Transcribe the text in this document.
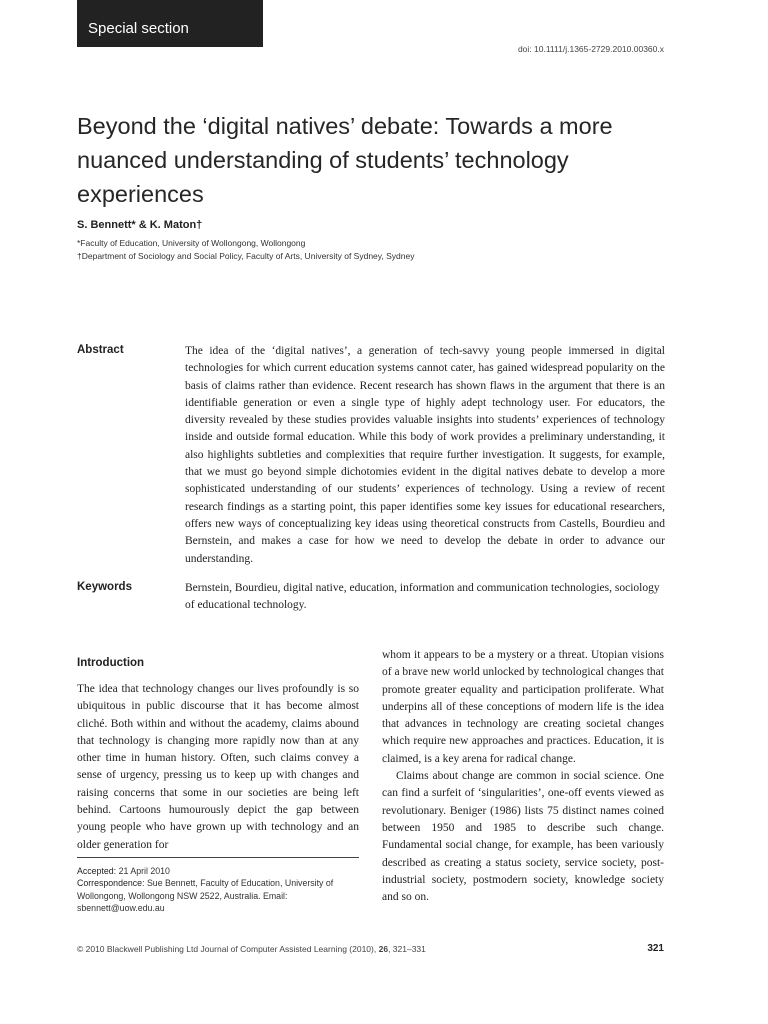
Special section
doi: 10.1111/j.1365-2729.2010.00360.x
Beyond the ‘digital natives’ debate: Towards a more nuanced understanding of students’ technology experiences
S. Bennett* & K. Maton†
*Faculty of Education, University of Wollongong, Wollongong
†Department of Sociology and Social Policy, Faculty of Arts, University of Sydney, Sydney
Abstract	The idea of the ‘digital natives’, a generation of tech-savvy young people immersed in digital technologies for which current education systems cannot cater, has gained widespread popularity on the basis of claims rather than evidence. Recent research has shown flaws in the argument that there is an identifiable generation or even a single type of highly adept technology user. For educators, the diversity revealed by these studies provides valuable insights into students’ experiences of technology inside and outside formal education. While this body of work provides a preliminary understanding, it also highlights subtleties and complexities that require further investigation. It suggests, for example, that we must go beyond simple dichotomies evident in the digital natives debate to develop a more sophisticated understanding of our students’ experiences of technology. Using a review of recent research findings as a starting point, this paper identifies some key issues for educational researchers, offers new ways of conceptualizing key ideas using theoretical constructs from Castells, Bourdieu and Bernstein, and makes a case for how we need to develop the debate in order to advance our understanding.

Keywords	Bernstein, Bourdieu, digital native, education, information and communication technologies, sociology of educational technology.

Introduction

The idea that technology changes our lives profoundly is so ubiquitous in public discourse that it has become almost cliché. Both within and without the academy, claims abound that technology is changing more rapidly now than at any other time in human history. Often, such claims convey a sense of urgency, pressing us to keep up with changes and raising concerns that some in our societies are being left behind. Cartoons humourously depict the gap between young people who have grown up with technology and an older generation for

whom it appears to be a mystery or a threat. Utopian visions of a brave new world unlocked by technological changes that promote greater equality and participation proliferate. What underpins all of these conceptions of modern life is the idea that advances in technology are creating societal changes which require new approaches and practices. Education, it is claimed, is a key arena for radical change.

Claims about change are common in social science. One can find a surfeit of ‘singularities’, one-off events viewed as revolutionary. Beniger (1986) lists 75 distinct names coined between 1950 and 1985 to describe such change. Fundamental social change, for example, has been variously described as creating a status society, service society, post-industrial society, postmodern society, knowledge society and so on.

Accepted: 21 April 2010
Correspondence: Sue Bennett, Faculty of Education, University of Wollongong, Wollongong NSW 2522, Australia. Email: sbennett@uow.edu.au
© 2010 Blackwell Publishing Ltd Journal of Computer Assisted Learning (2010), 26, 321–331	321
